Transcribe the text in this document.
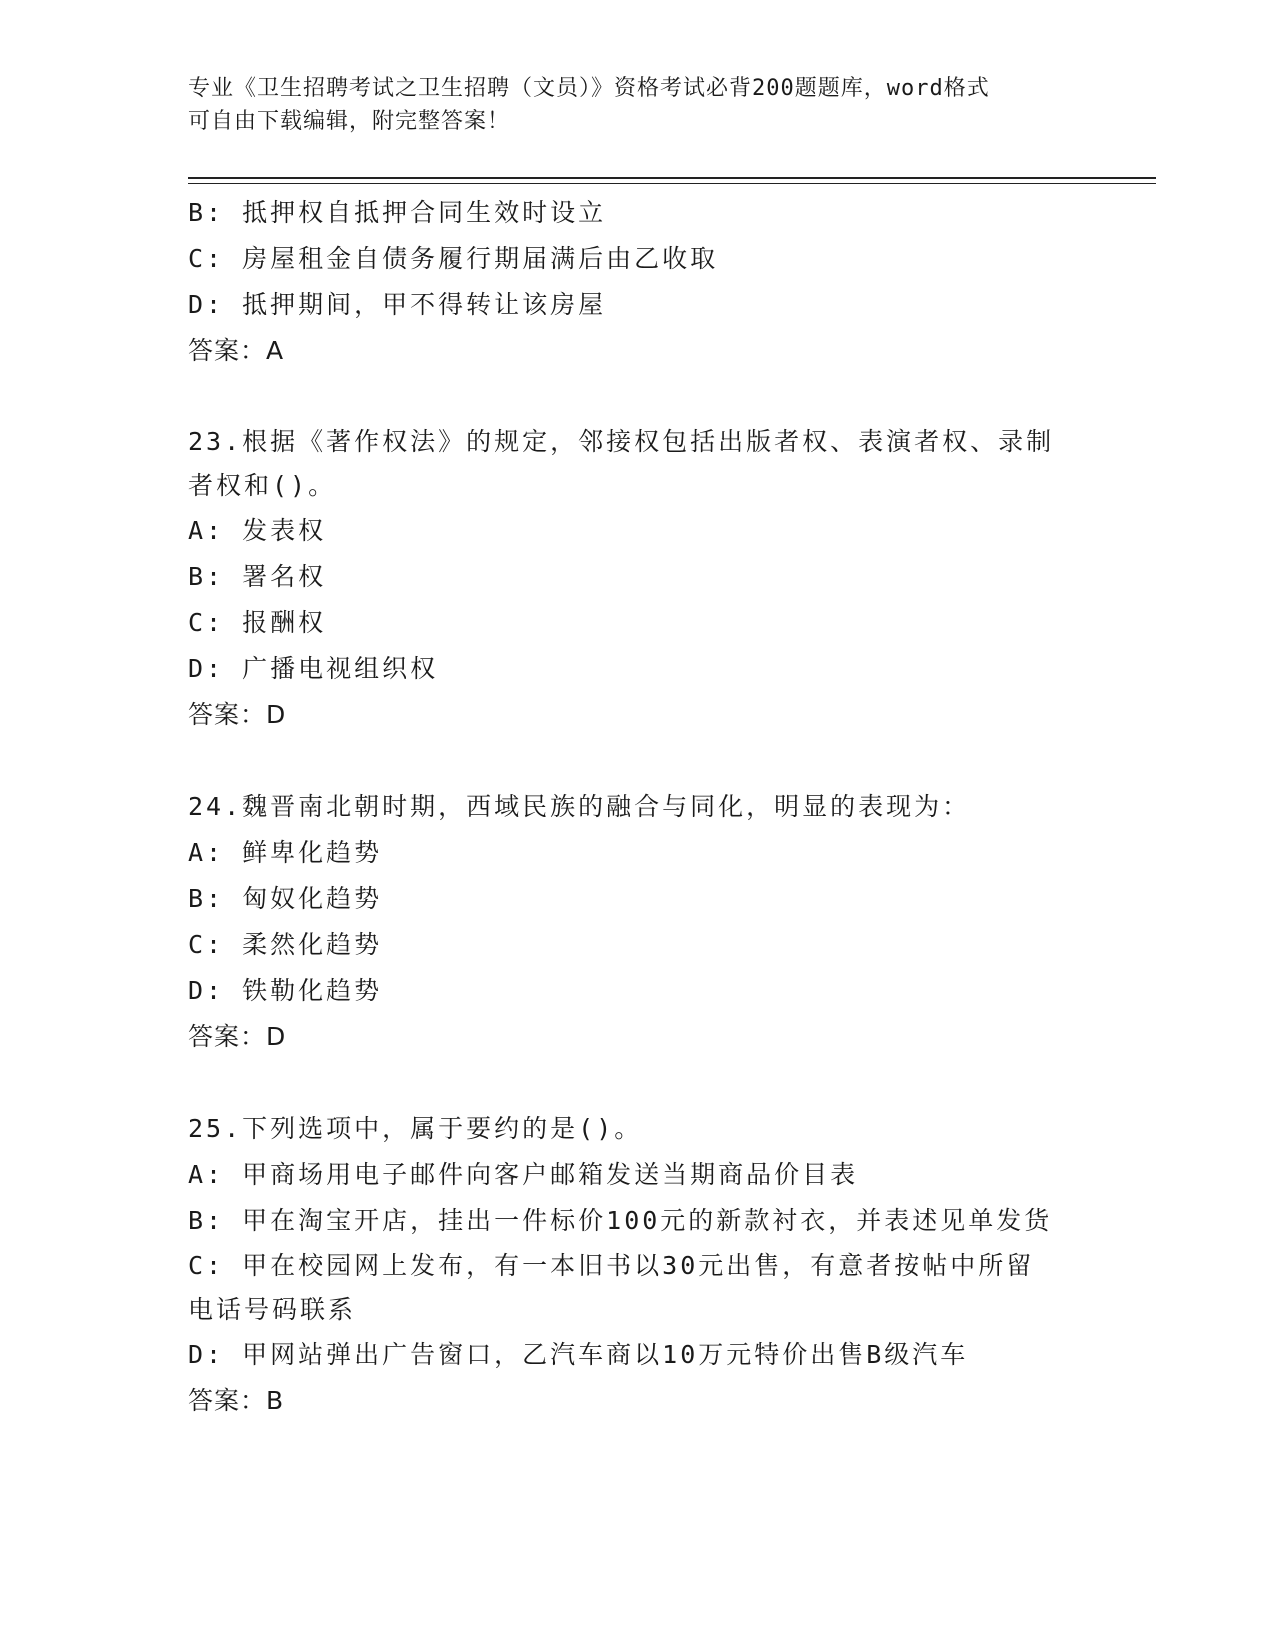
专业《卫生招聘考试之卫生招聘（文员）》资格考试必背200题题库，word格式
可自由下载编辑，附完整答案！
B: 抵押权自抵押合同生效时设立
C: 房屋租金自债务履行期届满后由乙收取
D: 抵押期间，甲不得转让该房屋
答案：A
23.根据《著作权法》的规定，邻接权包括出版者权、表演者权、录制
者权和()。
A: 发表权
B: 署名权
C: 报酬权
D: 广播电视组织权
答案：D
24.魏晋南北朝时期，西域民族的融合与同化，明显的表现为：
A: 鲜卑化趋势
B: 匈奴化趋势
C: 柔然化趋势
D: 铁勒化趋势
答案：D
25.下列选项中，属于要约的是()。
A: 甲商场用电子邮件向客户邮箱发送当期商品价目表
B: 甲在淘宝开店，挂出一件标价100元的新款衬衣，并表述见单发货
C: 甲在校园网上发布，有一本旧书以30元出售，有意者按帖中所留
电话号码联系
D: 甲网站弹出广告窗口，乙汽车商以10万元特价出售B级汽车
答案：B
